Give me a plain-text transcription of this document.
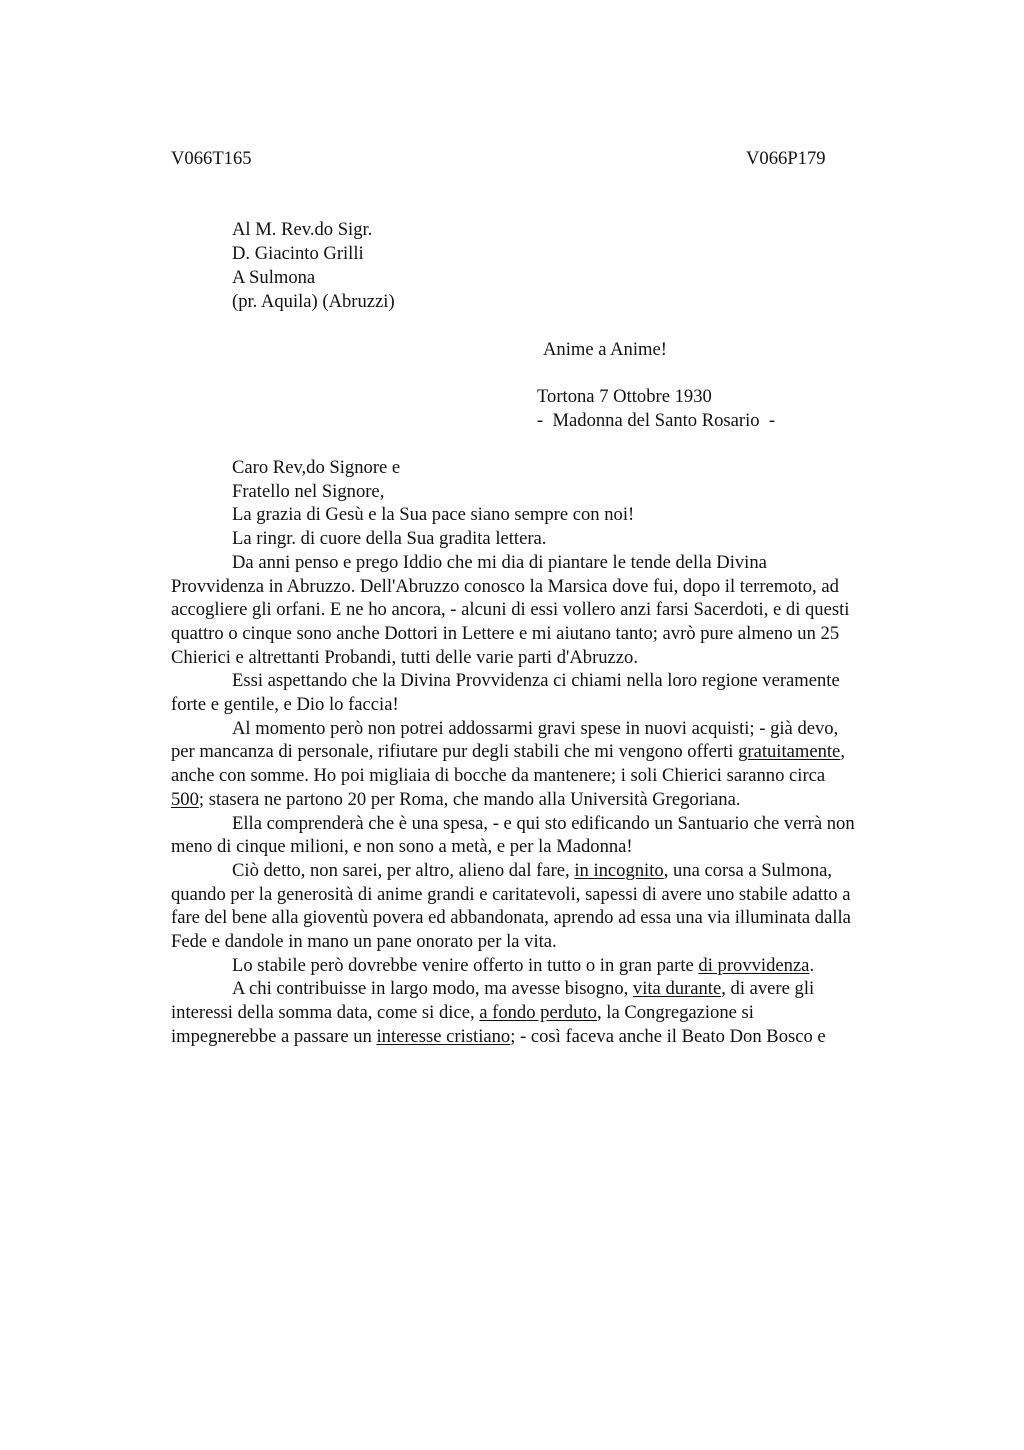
V066T165	V066P179
Al M. Rev.do Sigr.
D. Giacinto Grilli
A Sulmona
(pr. Aquila) (Abruzzi)
Anime a Anime!
Tortona 7 Ottobre 1930
-  Madonna del Santo Rosario  -
Caro Rev,do Signore e
Fratello nel Signore,
La grazia di Gesù e la Sua pace siano sempre con noi!
La ringr. di cuore della Sua gradita lettera.
Da anni penso e prego Iddio che mi dia di piantare le tende della Divina
Provvidenza in Abruzzo. Dell'Abruzzo conosco la Marsica dove fui, dopo il terremoto, ad
accogliere gli orfani. E ne ho ancora, - alcuni di essi vollero anzi farsi Sacerdoti, e di questi
quattro o cinque sono anche Dottori in Lettere e mi aiutano tanto; avrò pure almeno un 25
Chierici e altrettanti Probandi, tutti delle varie parti d'Abruzzo.
Essi aspettando che la Divina Provvidenza ci chiami nella loro regione veramente
forte e gentile, e Dio lo faccia!
Al momento però non potrei addossarmi gravi spese in nuovi acquisti; - già devo,
per mancanza di personale, rifiutare pur degli stabili che mi vengono offerti gratuitamente,
anche con somme. Ho poi migliaia di bocche da mantenere; i soli Chierici saranno circa
500; stasera ne partono 20 per Roma, che mando alla Università Gregoriana.
Ella comprenderà che è una spesa, - e qui sto edificando un Santuario che verrà non
meno di cinque milioni, e non sono a metà, e per la Madonna!
Ciò detto, non sarei, per altro, alieno dal fare, in incognito, una corsa a Sulmona,
quando per la generosità di anime grandi e caritatevoli, sapessi di avere uno stabile adatto a
fare del bene alla gioventù povera ed abbandonata, aprendo ad essa una via illuminata dalla
Fede e dandole in mano un pane onorato per la vita.
Lo stabile però dovrebbe venire offerto in tutto o in gran parte di provvidenza.
A chi contribuisse in largo modo, ma avesse bisogno, vita durante, di avere gli
interessi della somma data, come si dice, a fondo perduto, la Congregazione si
impegnerebbe a passare un interesse cristiano; - così faceva anche il Beato Don Bosco e
